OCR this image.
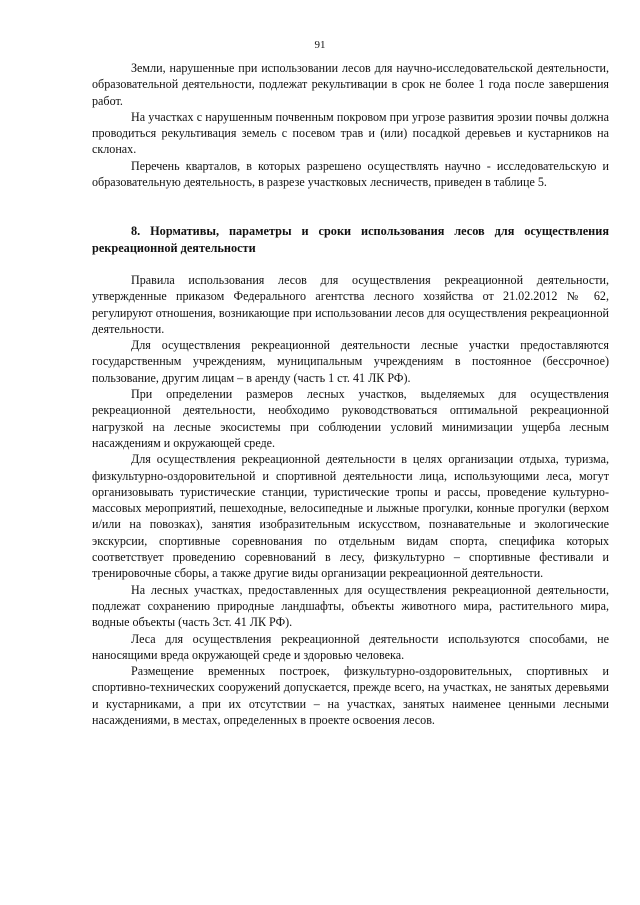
91

Земли, нарушенные при использовании лесов для научно-исследовательской деятельности, образовательной деятельности, подлежат рекультивации в срок не более 1 года после завершения работ.

На участках с нарушенным почвенным покровом при угрозе развития эрозии почвы должна проводиться рекультивация земель с посевом трав и (или) посадкой деревьев и кустарников на склонах.

Перечень кварталов, в которых разрешено осуществлять научно - исследовательскую и образовательную деятельность, в разрезе участковых лесничеств, приведен в таблице 5.

8. Нормативы, параметры и сроки использования лесов для осуществления рекреационной деятельности

Правила использования лесов для осуществления рекреационной деятельности, утвержденные приказом Федерального агентства лесного хозяйства от 21.02.2012 № 62, регулируют отношения, возникающие при использовании лесов для осуществления рекреационной деятельности.

Для осуществления рекреационной деятельности лесные участки предоставляются государственным учреждениям, муниципальным учреждениям в постоянное (бессрочное) пользование, другим лицам – в аренду (часть 1 ст. 41 ЛК РФ).

При определении размеров лесных участков, выделяемых для осуществления рекреационной деятельности, необходимо руководствоваться оптимальной рекреационной нагрузкой на лесные экосистемы при соблюдении условий минимизации ущерба лесным насаждениям и окружающей среде.

Для осуществления рекреационной деятельности в целях организации отдыха, туризма, физкультурно-оздоровительной и спортивной деятельности лица, использующими леса, могут организовывать туристические станции, туристические тропы и рассы, проведение культурно-массовых мероприятий, пешеходные, велосипедные и лыжные прогулки, конные прогулки (верхом и/или на повозках), занятия изобразительным искусством, познавательные и экологические экскурсии, спортивные соревнования по отдельным видам спорта, специфика которых соответствует проведению соревнований в лесу, физкультурно – спортивные фестивали и тренировочные сборы, а также другие виды организации рекреационной деятельности.

На лесных участках, предоставленных для осуществления рекреационной деятельности, подлежат сохранению природные ландшафты, объекты животного мира, растительного мира, водные объекты (часть 3ст. 41 ЛК РФ).

Леса для осуществления рекреационной деятельности используются способами, не наносящими вреда окружающей среде и здоровью человека.

Размещение временных построек, физкультурно-оздоровительных, спортивных и спортивно-технических сооружений допускается, прежде всего, на участках, не занятых деревьями и кустарниками, а при их отсутствии – на участках, занятых наименее ценными лесными насаждениями, в местах, определенных в проекте освоения лесов.
